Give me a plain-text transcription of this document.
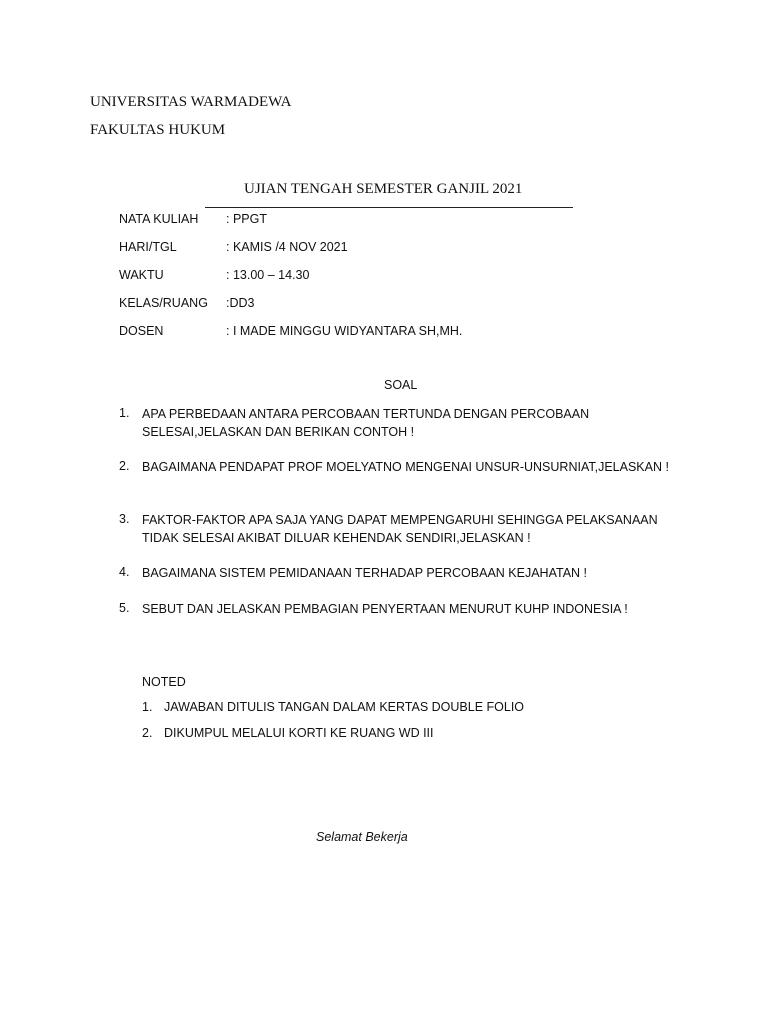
UNIVERSITAS WARMADEWA
FAKULTAS HUKUM
UJIAN TENGAH SEMESTER GANJIL 2021
NATA KULIAH : PPGT
HARI/TGL	: KAMIS /4 NOV 2021
WAKTU	: 13.00 – 14.30
KELAS/RUANG :DD3
DOSEN	: I MADE MINGGU WIDYANTARA SH,MH.
SOAL
1. APA PERBEDAAN ANTARA PERCOBAAN TERTUNDA DENGAN PERCOBAAN SELESAI,JELASKAN DAN BERIKAN CONTOH !
2. BAGAIMANA PENDAPAT PROF MOELYATNO MENGENAI UNSUR-UNSURNIAT,JELASKAN !
3. FAKTOR-FAKTOR APA SAJA YANG DAPAT MEMPENGARUHI SEHINGGA PELAKSANAAN TIDAK SELESAI AKIBAT DILUAR KEHENDAK SENDIRI,JELASKAN !
4. BAGAIMANA SISTEM PEMIDANAAN TERHADAP PERCOBAAN KEJAHATAN !
5. SEBUT DAN JELASKAN PEMBAGIAN PENYERTAAN MENURUT KUHP INDONESIA !
NOTED
1. JAWABAN DITULIS TANGAN DALAM KERTAS DOUBLE FOLIO
2. DIKUMPUL MELALUI KORTI KE RUANG WD III
Selamat Bekerja
